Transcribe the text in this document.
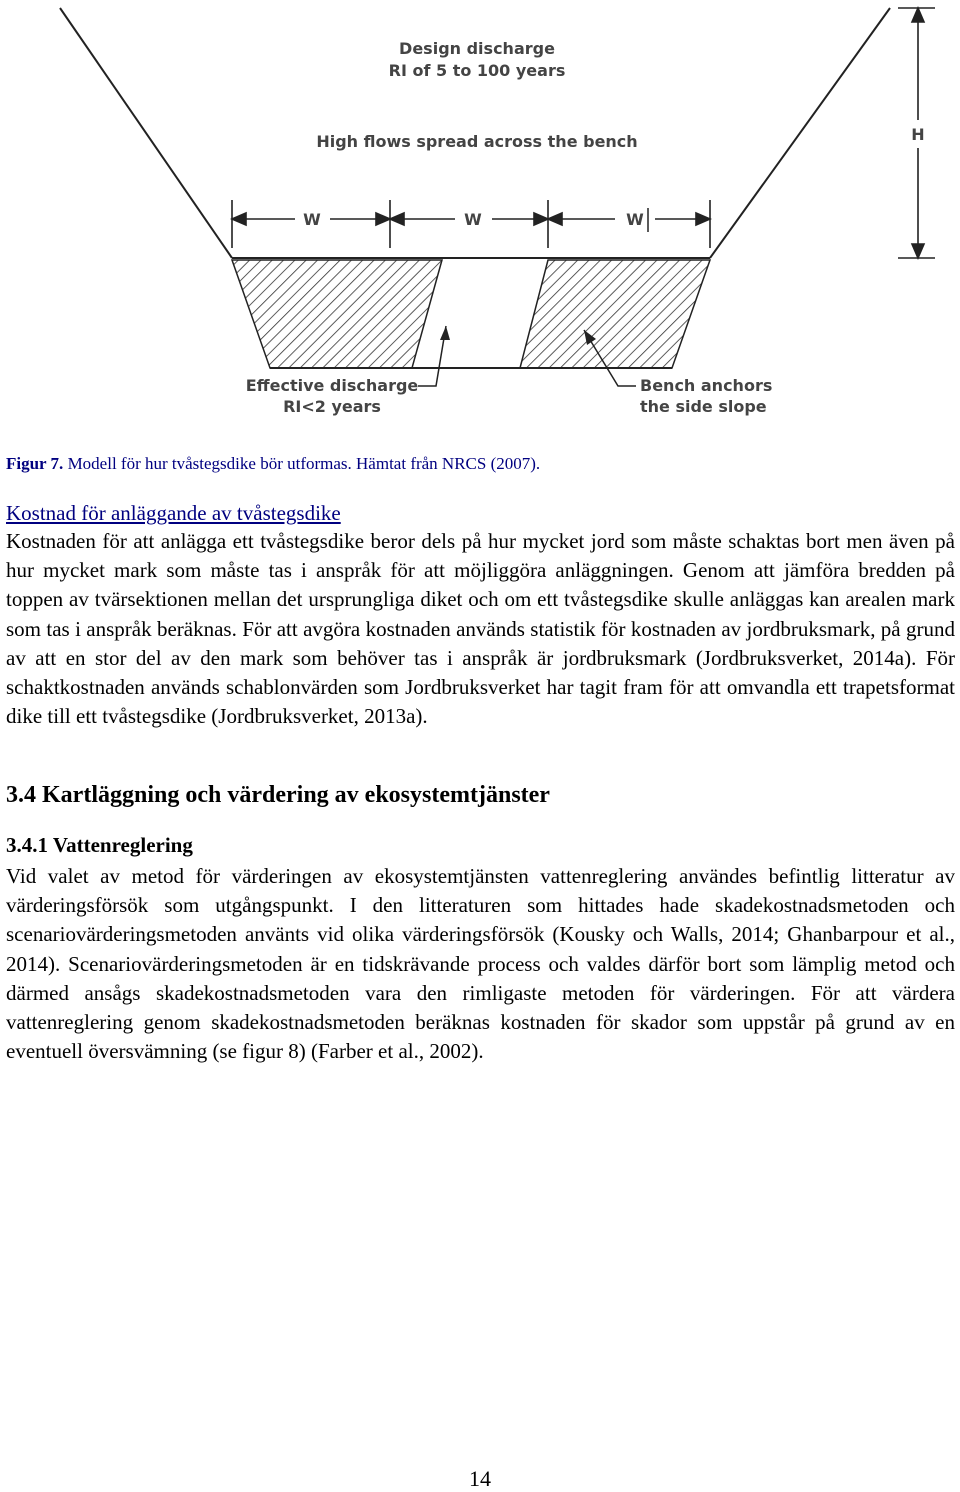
W	W	W
H
Design discharge
RI of 5 to 100 years
High flows spread across the bench
Effective discharge
RI<2 years
Bench anchors
the side slope
Figur 7. Modell för hur tvåstegsdike bör utformas. Hämtat från NRCS (2007).
Kostnad för anläggande av tvåstegsdike

Kostnaden för att anlägga ett tvåstegsdike beror dels på hur mycket jord som måste schaktas bort men även på hur mycket mark som måste tas i anspråk för att möjliggöra anläggningen. Genom att jämföra bredden på toppen av tvärsektionen mellan det ursprungliga diket och om ett tvåstegsdike skulle anläggas kan arealen mark som tas i anspråk beräknas. För att avgöra kostnaden används statistik för kostnaden av jordbruksmark, på grund av att en stor del av den mark som behöver tas i anspråk är jordbruksmark (Jordbruksverket, 2014a). För schaktkostnaden används schablonvärden som Jordbruksverket har tagit fram för att omvandla ett trapetsformat dike till ett tvåstegsdike (Jordbruksverket, 2013a).

3.4 Kartläggning och värdering av ekosystemtjänster
3.4.1 Vattenreglering

Vid valet av metod för värderingen av ekosystemtjänsten vattenreglering användes befintlig litteratur av värderingsförsök som utgångspunkt. I den litteraturen som hittades hade skadekostnadsmetoden och scenariovärderingsmetoden använts vid olika värderingsförsök (Kousky och Walls, 2014; Ghanbarpour et al., 2014). Scenariovärderingsmetoden är en tidskrävande process och valdes därför bort som lämplig metod och därmed ansågs skadekostnadsmetoden vara den rimligaste metoden för värderingen. För att värdera vattenreglering genom skadekostnadsmetoden beräknas kostnaden för skador som uppstår på grund av en eventuell översvämning (se figur 8) (Farber et al., 2002).

14
